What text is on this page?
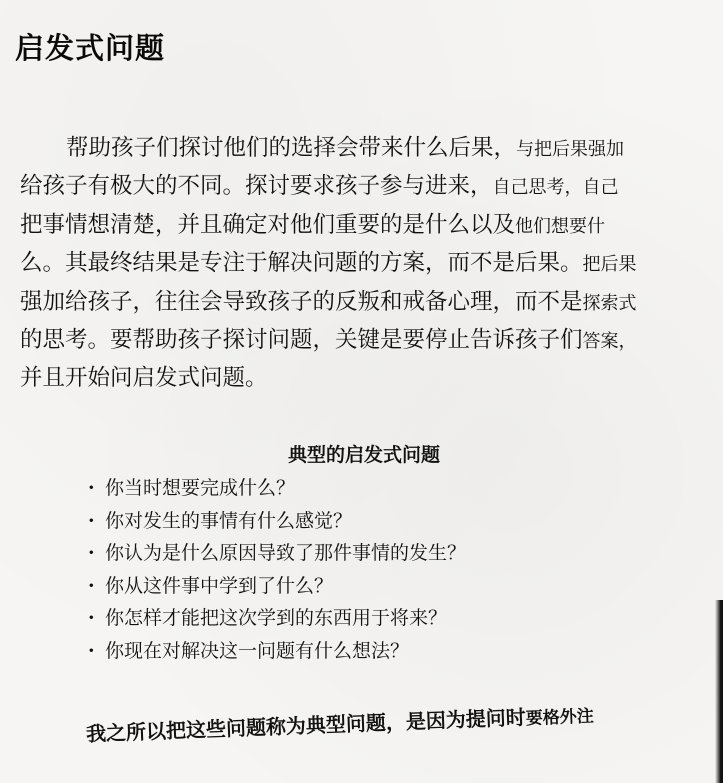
启发式问题

帮助孩子们探讨他们的选择会带来什么后果，与把后果强加
给孩子有极大的不同。探讨要求孩子参与进来，自己思考，自己
把事情想清楚，并且确定对他们重要的是什么以及他们想要什
么。其最终结果是专注于解决问题的方案，而不是后果。把后果
强加给孩子，往往会导致孩子的反叛和戒备心理，而不是探索式
的思考。要帮助孩子探讨问题，关键是要停止告诉孩子们答案，
并且开始问启发式问题。

典型的启发式问题
· 你当时想要完成什么？
· 你对发生的事情有什么感觉？
· 你认为是什么原因导致了那件事情的发生？
· 你从这件事中学到了什么？
· 你怎样才能把这次学到的东西用于将来？
· 你现在对解决这一问题有什么想法？

我之所以把这些问题称为典型问题，是因为提问时要格外注
